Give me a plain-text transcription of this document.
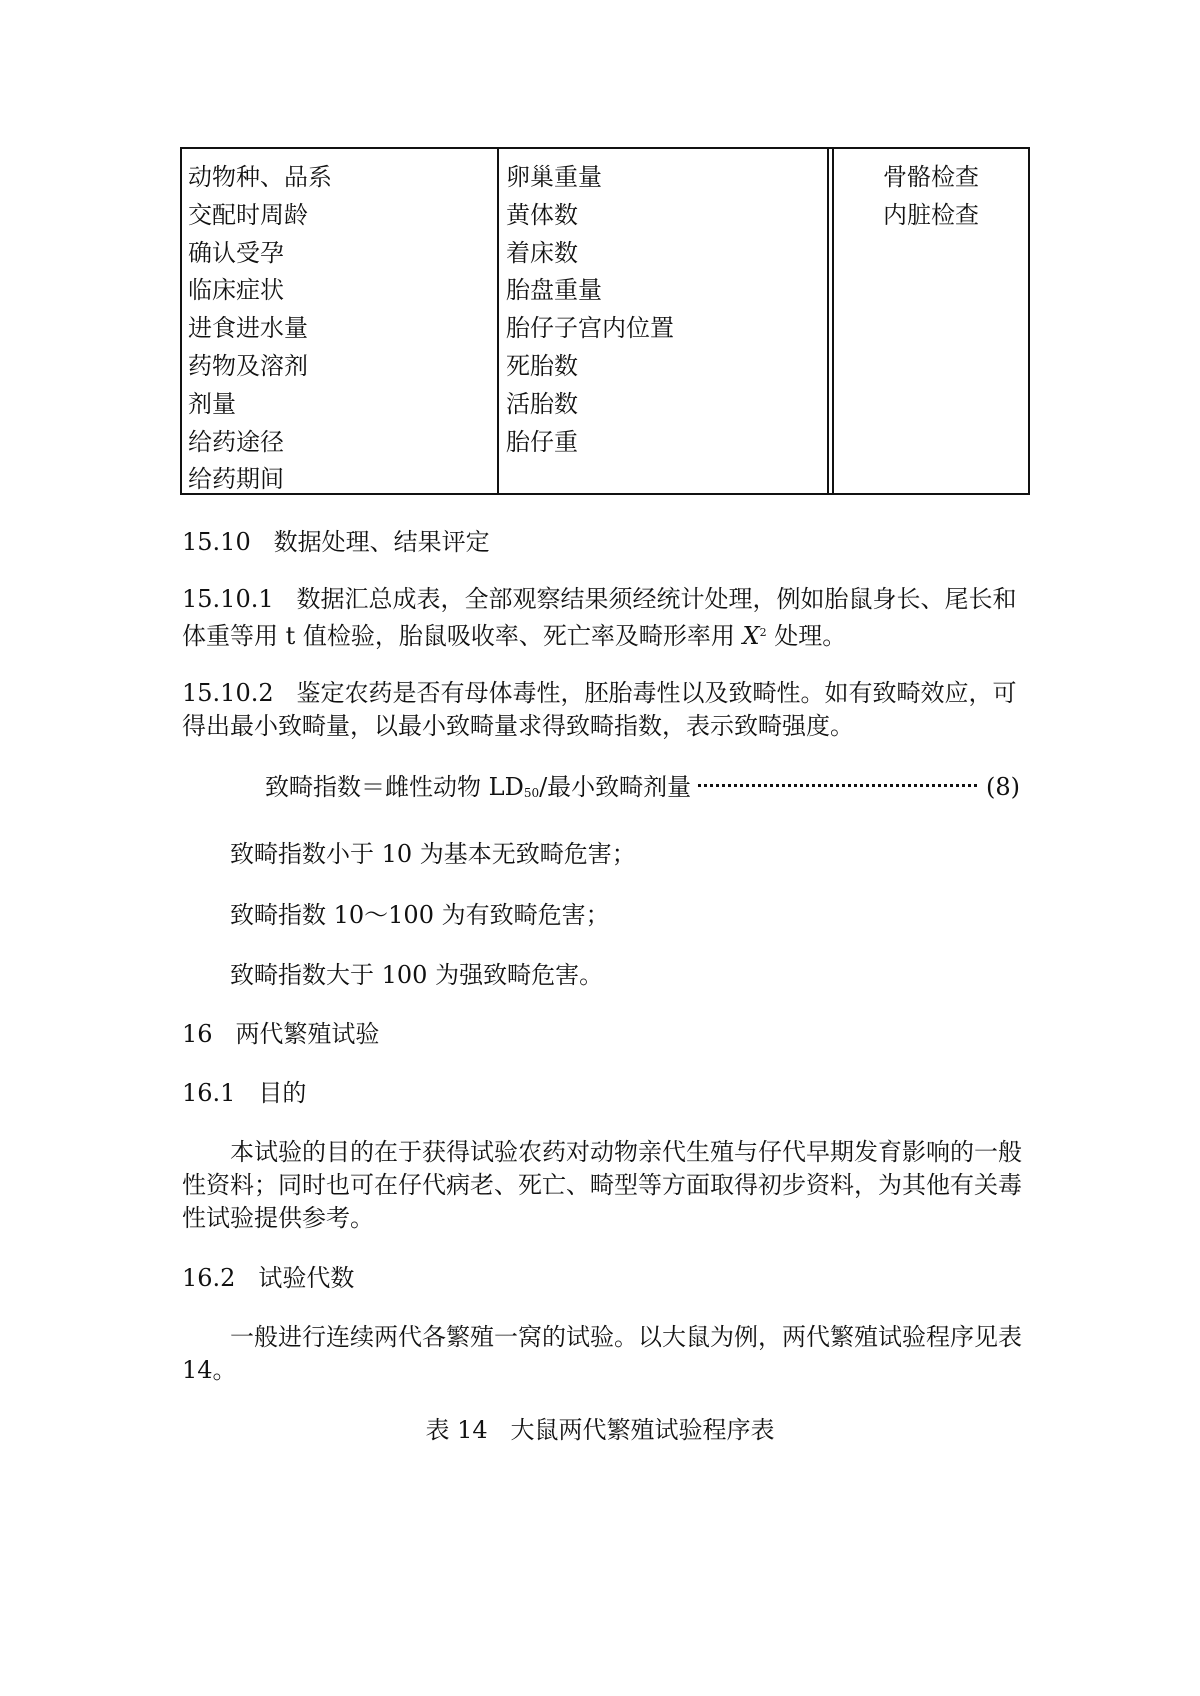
动物种、品系
交配时周龄
确认受孕
临床症状
进食进水量
药物及溶剂
剂量
给药途径
给药期间
卵巢重量
黄体数
着床数
胎盘重量
胎仔子宫内位置
死胎数
活胎数
胎仔重
骨骼检查
内脏检查
15.10 数据处理、结果评定
15.10.1 数据汇总成表，全部观察结果须经统计处理，例如胎鼠身长、尾长和体重等用 t 值检验，胎鼠吸收率、死亡率及畸形率用 $X^2$ 处理。
15.10.2 鉴定农药是否有母体毒性，胚胎毒性以及致畸性。如有致畸效应，可得出最小致畸量，以最小致畸量求得致畸指数，表示致畸强度。
致畸指数＝雌性动物 $LD_{50}/$最小致畸剂量	(8)
致畸指数小于 10 为基本无致畸危害；
致畸指数 10～100 为有致畸危害；
致畸指数大于 100 为强致畸危害。
16 两代繁殖试验
16.1 目的
本试验的目的在于获得试验农药对动物亲代生殖与仔代早期发育影响的一般性资料；同时也可在仔代病老、死亡、畸型等方面取得初步资料，为其他有关毒性试验提供参考。
16.2 试验代数
一般进行连续两代各繁殖一窝的试验。以大鼠为例，两代繁殖试验程序见表 14。
表 14 大鼠两代繁殖试验程序表
